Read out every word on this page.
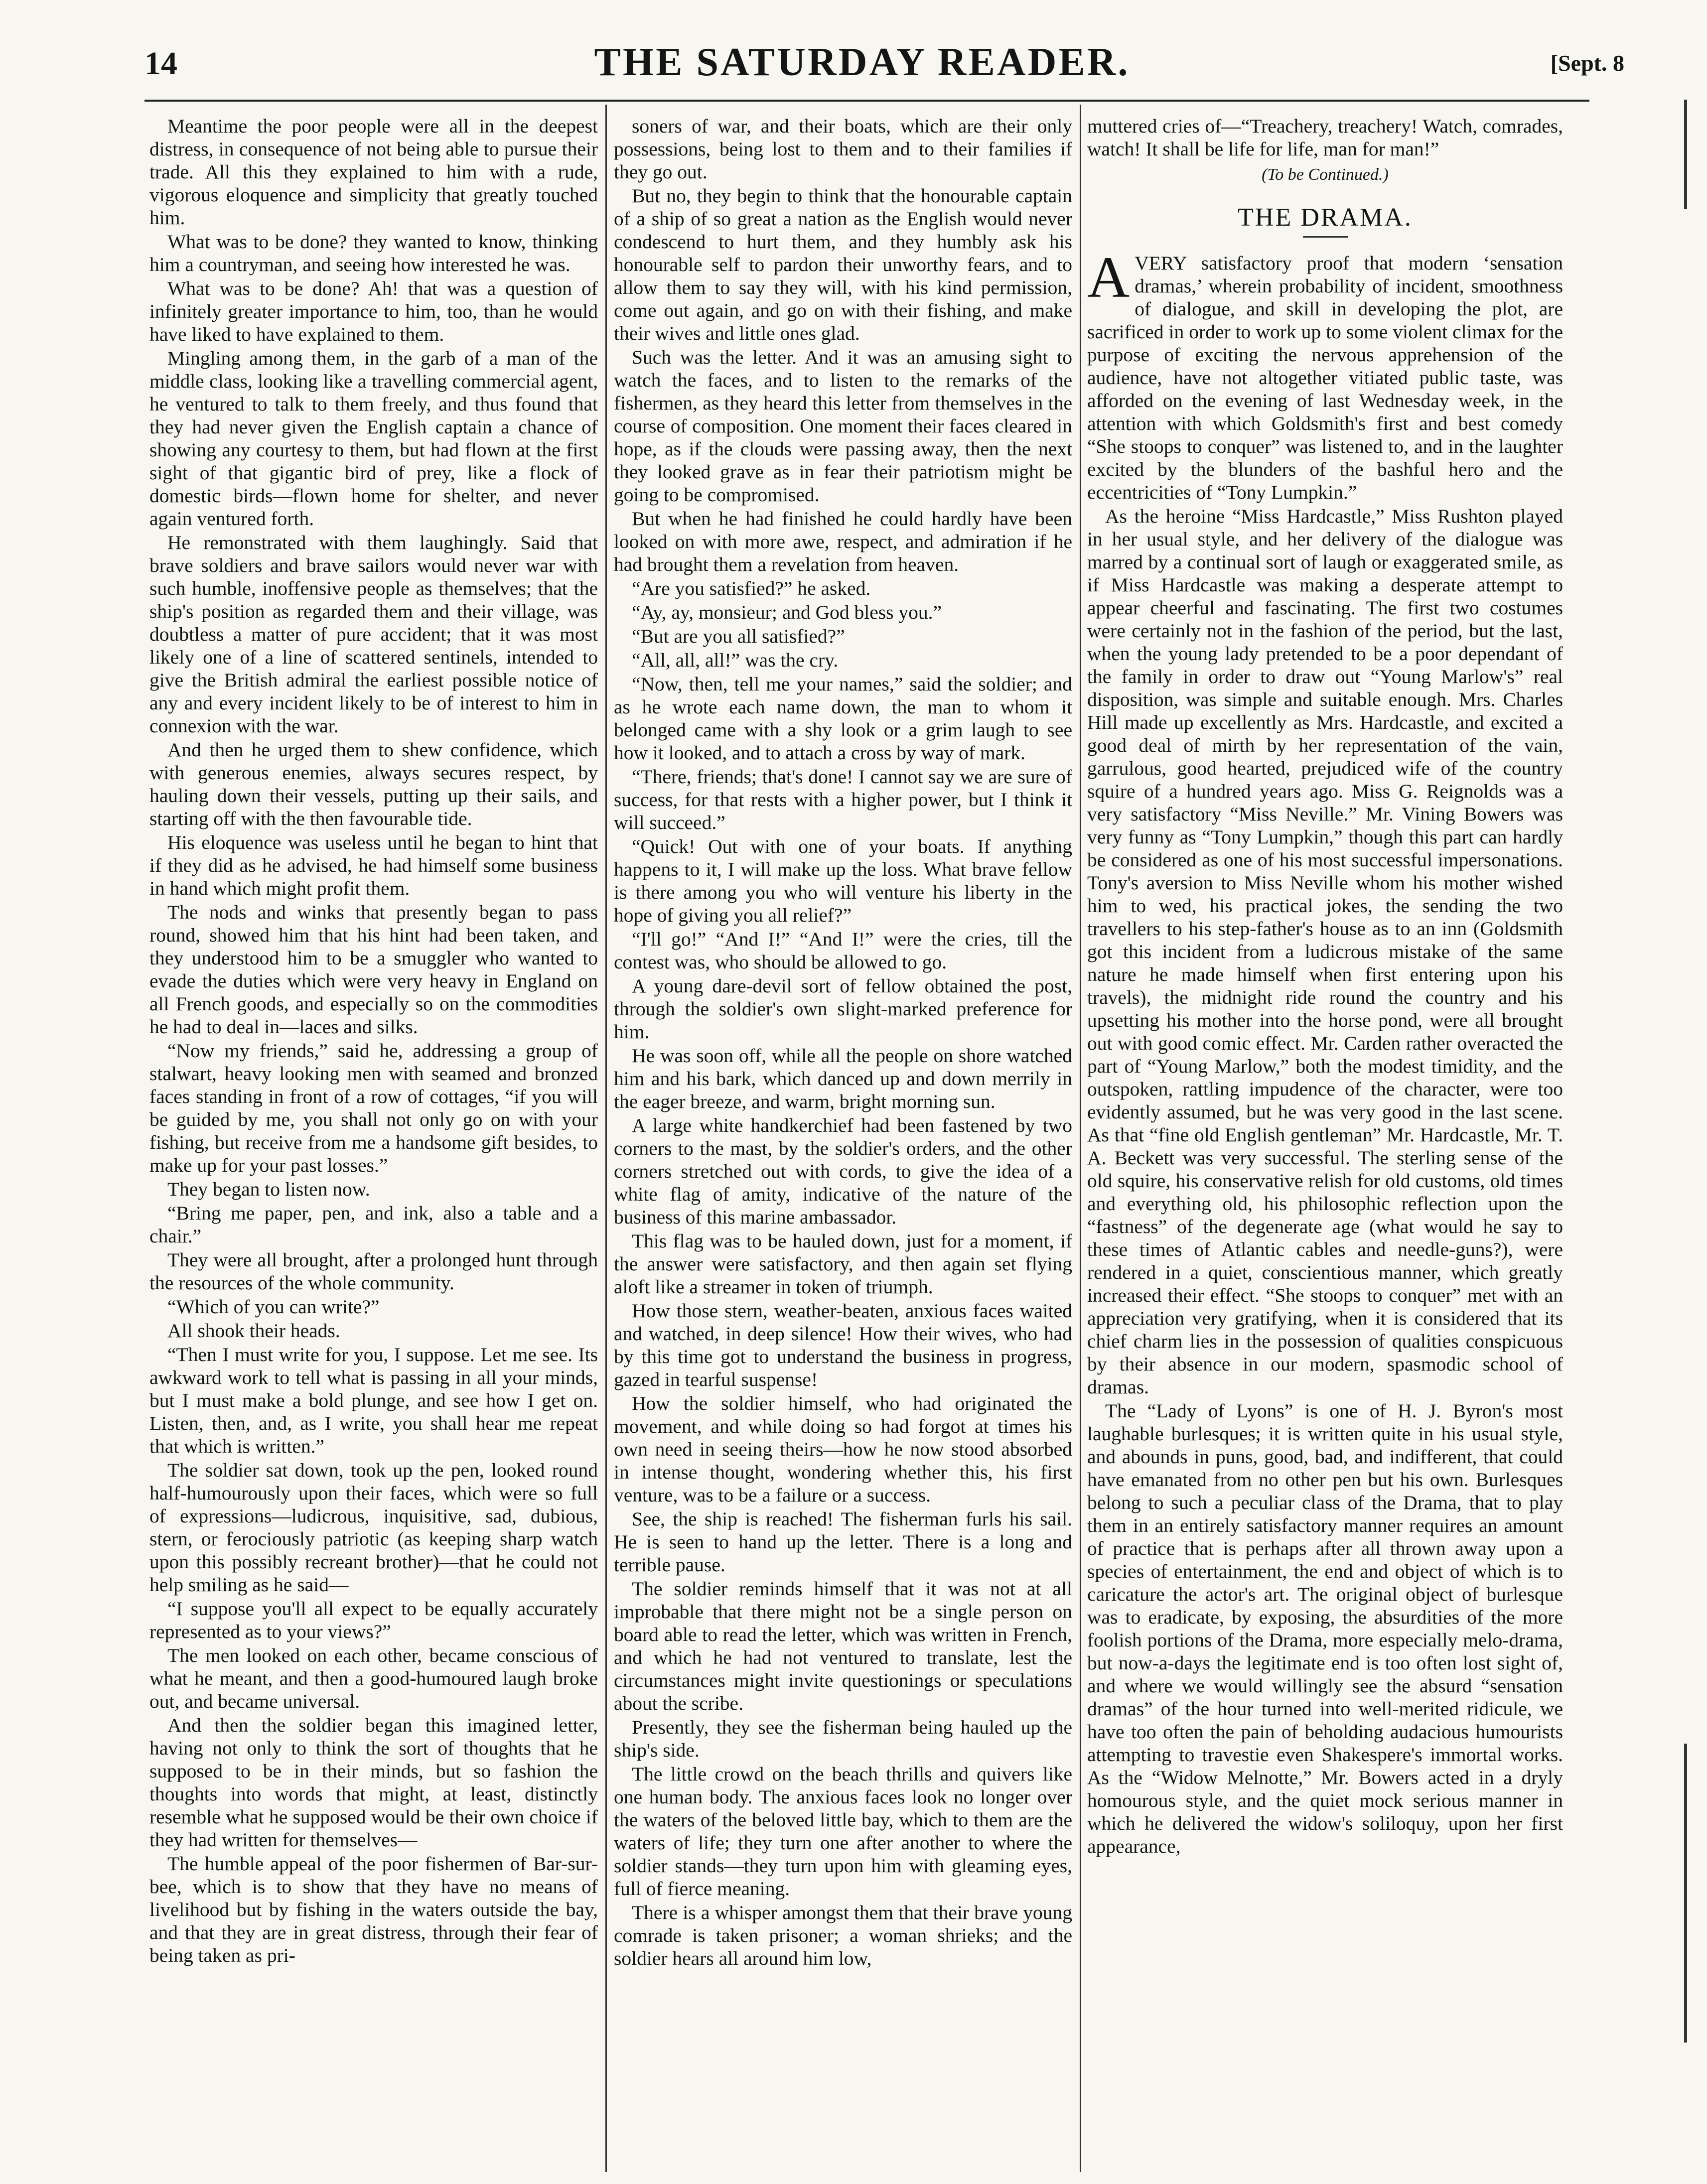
14	THE SATURDAY READER.	[Sept. 8

Meantime the poor people were all in the deepest distress, in consequence of not being able to pursue their trade. All this they explained to him with a rude, vigorous eloquence and simplicity that greatly touched him.

What was to be done? they wanted to know, thinking him a countryman, and seeing how interested he was.

What was to be done? Ah! that was a question of infinitely greater importance to him, too, than he would have liked to have explained to them.

Mingling among them, in the garb of a man of the middle class, looking like a travelling commercial agent, he ventured to talk to them freely, and thus found that they had never given the English captain a chance of showing any courtesy to them, but had flown at the first sight of that gigantic bird of prey, like a flock of domestic birds—flown home for shelter, and never again ventured forth.

He remonstrated with them laughingly. Said that brave soldiers and brave sailors would never war with such humble, inoffensive people as themselves; that the ship's position as regarded them and their village, was doubtless a matter of pure accident; that it was most likely one of a line of scattered sentinels, intended to give the British admiral the earliest possible notice of any and every incident likely to be of interest to him in connexion with the war.

And then he urged them to shew confidence, which with generous enemies, always secures respect, by hauling down their vessels, putting up their sails, and starting off with the then favourable tide.

His eloquence was useless until he began to hint that if they did as he advised, he had himself some business in hand which might profit them.

The nods and winks that presently began to pass round, showed him that his hint had been taken, and they understood him to be a smuggler who wanted to evade the duties which were very heavy in England on all French goods, and especially so on the commodities he had to deal in—laces and silks.

“Now my friends,” said he, addressing a group of stalwart, heavy looking men with seamed and bronzed faces standing in front of a row of cottages, “if you will be guided by me, you shall not only go on with your fishing, but receive from me a handsome gift besides, to make up for your past losses.”

They began to listen now.

“Bring me paper, pen, and ink, also a table and a chair.”

They were all brought, after a prolonged hunt through the resources of the whole community.

“Which of you can write?”

All shook their heads.

“Then I must write for you, I suppose. Let me see. Its awkward work to tell what is passing in all your minds, but I must make a bold plunge, and see how I get on. Listen, then, and, as I write, you shall hear me repeat that which is written.”

The soldier sat down, took up the pen, looked round half-humourously upon their faces, which were so full of expressions—ludicrous, inquisitive, sad, dubious, stern, or ferociously patriotic (as keeping sharp watch upon this possibly recreant brother)—that he could not help smiling as he said—

“I suppose you'll all expect to be equally accurately represented as to your views?”

The men looked on each other, became conscious of what he meant, and then a good-humoured laugh broke out, and became universal.

And then the soldier began this imagined letter, having not only to think the sort of thoughts that he supposed to be in their minds, but so fashion the thoughts into words that might, at least, distinctly resemble what he supposed would be their own choice if they had written for themselves—

The humble appeal of the poor fishermen of Bar-sur-bee, which is to show that they have no means of livelihood but by fishing in the waters outside the bay, and that they are in great distress, through their fear of being taken as pri-

soners of war, and their boats, which are their only possessions, being lost to them and to their families if they go out.

But no, they begin to think that the honourable captain of a ship of so great a nation as the English would never condescend to hurt them, and they humbly ask his honourable self to pardon their unworthy fears, and to allow them to say they will, with his kind permission, come out again, and go on with their fishing, and make their wives and little ones glad.

Such was the letter. And it was an amusing sight to watch the faces, and to listen to the remarks of the fishermen, as they heard this letter from themselves in the course of composition. One moment their faces cleared in hope, as if the clouds were passing away, then the next they looked grave as in fear their patriotism might be going to be compromised.

But when he had finished he could hardly have been looked on with more awe, respect, and admiration if he had brought them a revelation from heaven.

“Are you satisfied?” he asked.

“Ay, ay, monsieur; and God bless you.”

“But are you all satisfied?”

“All, all, all!” was the cry.

“Now, then, tell me your names,” said the soldier; and as he wrote each name down, the man to whom it belonged came with a shy look or a grim laugh to see how it looked, and to attach a cross by way of mark.

“There, friends; that's done! I cannot say we are sure of success, for that rests with a higher power, but I think it will succeed.”

“Quick! Out with one of your boats. If anything happens to it, I will make up the loss. What brave fellow is there among you who will venture his liberty in the hope of giving you all relief?”

“I'll go!” “And I!” “And I!” were the cries, till the contest was, who should be allowed to go.

A young dare-devil sort of fellow obtained the post, through the soldier's own slight-marked preference for him.

He was soon off, while all the people on shore watched him and his bark, which danced up and down merrily in the eager breeze, and warm, bright morning sun.

A large white handkerchief had been fastened by two corners to the mast, by the soldier's orders, and the other corners stretched out with cords, to give the idea of a white flag of amity, indicative of the nature of the business of this marine ambassador.

This flag was to be hauled down, just for a moment, if the answer were satisfactory, and then again set flying aloft like a streamer in token of triumph.

How those stern, weather-beaten, anxious faces waited and watched, in deep silence! How their wives, who had by this time got to understand the business in progress, gazed in tearful suspense!

How the soldier himself, who had originated the movement, and while doing so had forgot at times his own need in seeing theirs—how he now stood absorbed in intense thought, wondering whether this, his first venture, was to be a failure or a success.

See, the ship is reached! The fisherman furls his sail. He is seen to hand up the letter. There is a long and terrible pause.

The soldier reminds himself that it was not at all improbable that there might not be a single person on board able to read the letter, which was written in French, and which he had not ventured to translate, lest the circumstances might invite questionings or speculations about the scribe.

Presently, they see the fisherman being hauled up the ship's side.

The little crowd on the beach thrills and quivers like one human body. The anxious faces look no longer over the waters of the beloved little bay, which to them are the waters of life; they turn one after another to where the soldier stands—they turn upon him with gleaming eyes, full of fierce meaning.

There is a whisper amongst them that their brave young comrade is taken prisoner; a woman shrieks; and the soldier hears all around him low,

muttered cries of—“Treachery, treachery! Watch, comrades, watch! It shall be life for life, man for man!”

(To be Continued.)
THE DRAMA.

AVERY satisfactory proof that modern ‘sensation dramas,’ wherein probability of incident, smoothness of dialogue, and skill in developing the plot, are sacrificed in order to work up to some violent climax for the purpose of exciting the nervous apprehension of the audience, have not altogether vitiated public taste, was afforded on the evening of last Wednesday week, in the attention with which Goldsmith's first and best comedy “She stoops to conquer” was listened to, and in the laughter excited by the blunders of the bashful hero and the eccentricities of “Tony Lumpkin.”

As the heroine “Miss Hardcastle,” Miss Rushton played in her usual style, and her delivery of the dialogue was marred by a continual sort of laugh or exaggerated smile, as if Miss Hardcastle was making a desperate attempt to appear cheerful and fascinating. The first two costumes were certainly not in the fashion of the period, but the last, when the young lady pretended to be a poor dependant of the family in order to draw out “Young Marlow's” real disposition, was simple and suitable enough. Mrs. Charles Hill made up excellently as Mrs. Hardcastle, and excited a good deal of mirth by her representation of the vain, garrulous, good hearted, prejudiced wife of the country squire of a hundred years ago. Miss G. Reignolds was a very satisfactory “Miss Neville.” Mr. Vining Bowers was very funny as “Tony Lumpkin,” though this part can hardly be considered as one of his most successful impersonations. Tony's aversion to Miss Neville whom his mother wished him to wed, his practical jokes, the sending the two travellers to his step-father's house as to an inn (Goldsmith got this incident from a ludicrous mistake of the same nature he made himself when first entering upon his travels), the midnight ride round the country and his upsetting his mother into the horse pond, were all brought out with good comic effect. Mr. Carden rather overacted the part of “Young Marlow,” both the modest timidity, and the outspoken, rattling impudence of the character, were too evidently assumed, but he was very good in the last scene. As that “fine old English gentleman” Mr. Hardcastle, Mr. T. A. Beckett was very successful. The sterling sense of the old squire, his conservative relish for old customs, old times and everything old, his philosophic reflection upon the “fastness” of the degenerate age (what would he say to these times of Atlantic cables and needle-guns?), were rendered in a quiet, conscientious manner, which greatly increased their effect. “She stoops to conquer” met with an appreciation very gratifying, when it is considered that its chief charm lies in the possession of qualities conspicuous by their absence in our modern, spasmodic school of dramas.

The “Lady of Lyons” is one of H. J. Byron's most laughable burlesques; it is written quite in his usual style, and abounds in puns, good, bad, and indifferent, that could have emanated from no other pen but his own. Burlesques belong to such a peculiar class of the Drama, that to play them in an entirely satisfactory manner requires an amount of practice that is perhaps after all thrown away upon a species of entertainment, the end and object of which is to caricature the actor's art. The original object of burlesque was to eradicate, by exposing, the absurdities of the more foolish portions of the Drama, more especially melo-drama, but now-a-days the legitimate end is too often lost sight of, and where we would willingly see the absurd “sensation dramas” of the hour turned into well-merited ridicule, we have too often the pain of beholding audacious humourists attempting to travestie even Shakespere's immortal works. As the “Widow Melnotte,” Mr. Bowers acted in a dryly homourous style, and the quiet mock serious manner in which he delivered the widow's soliloquy, upon her first appearance,
